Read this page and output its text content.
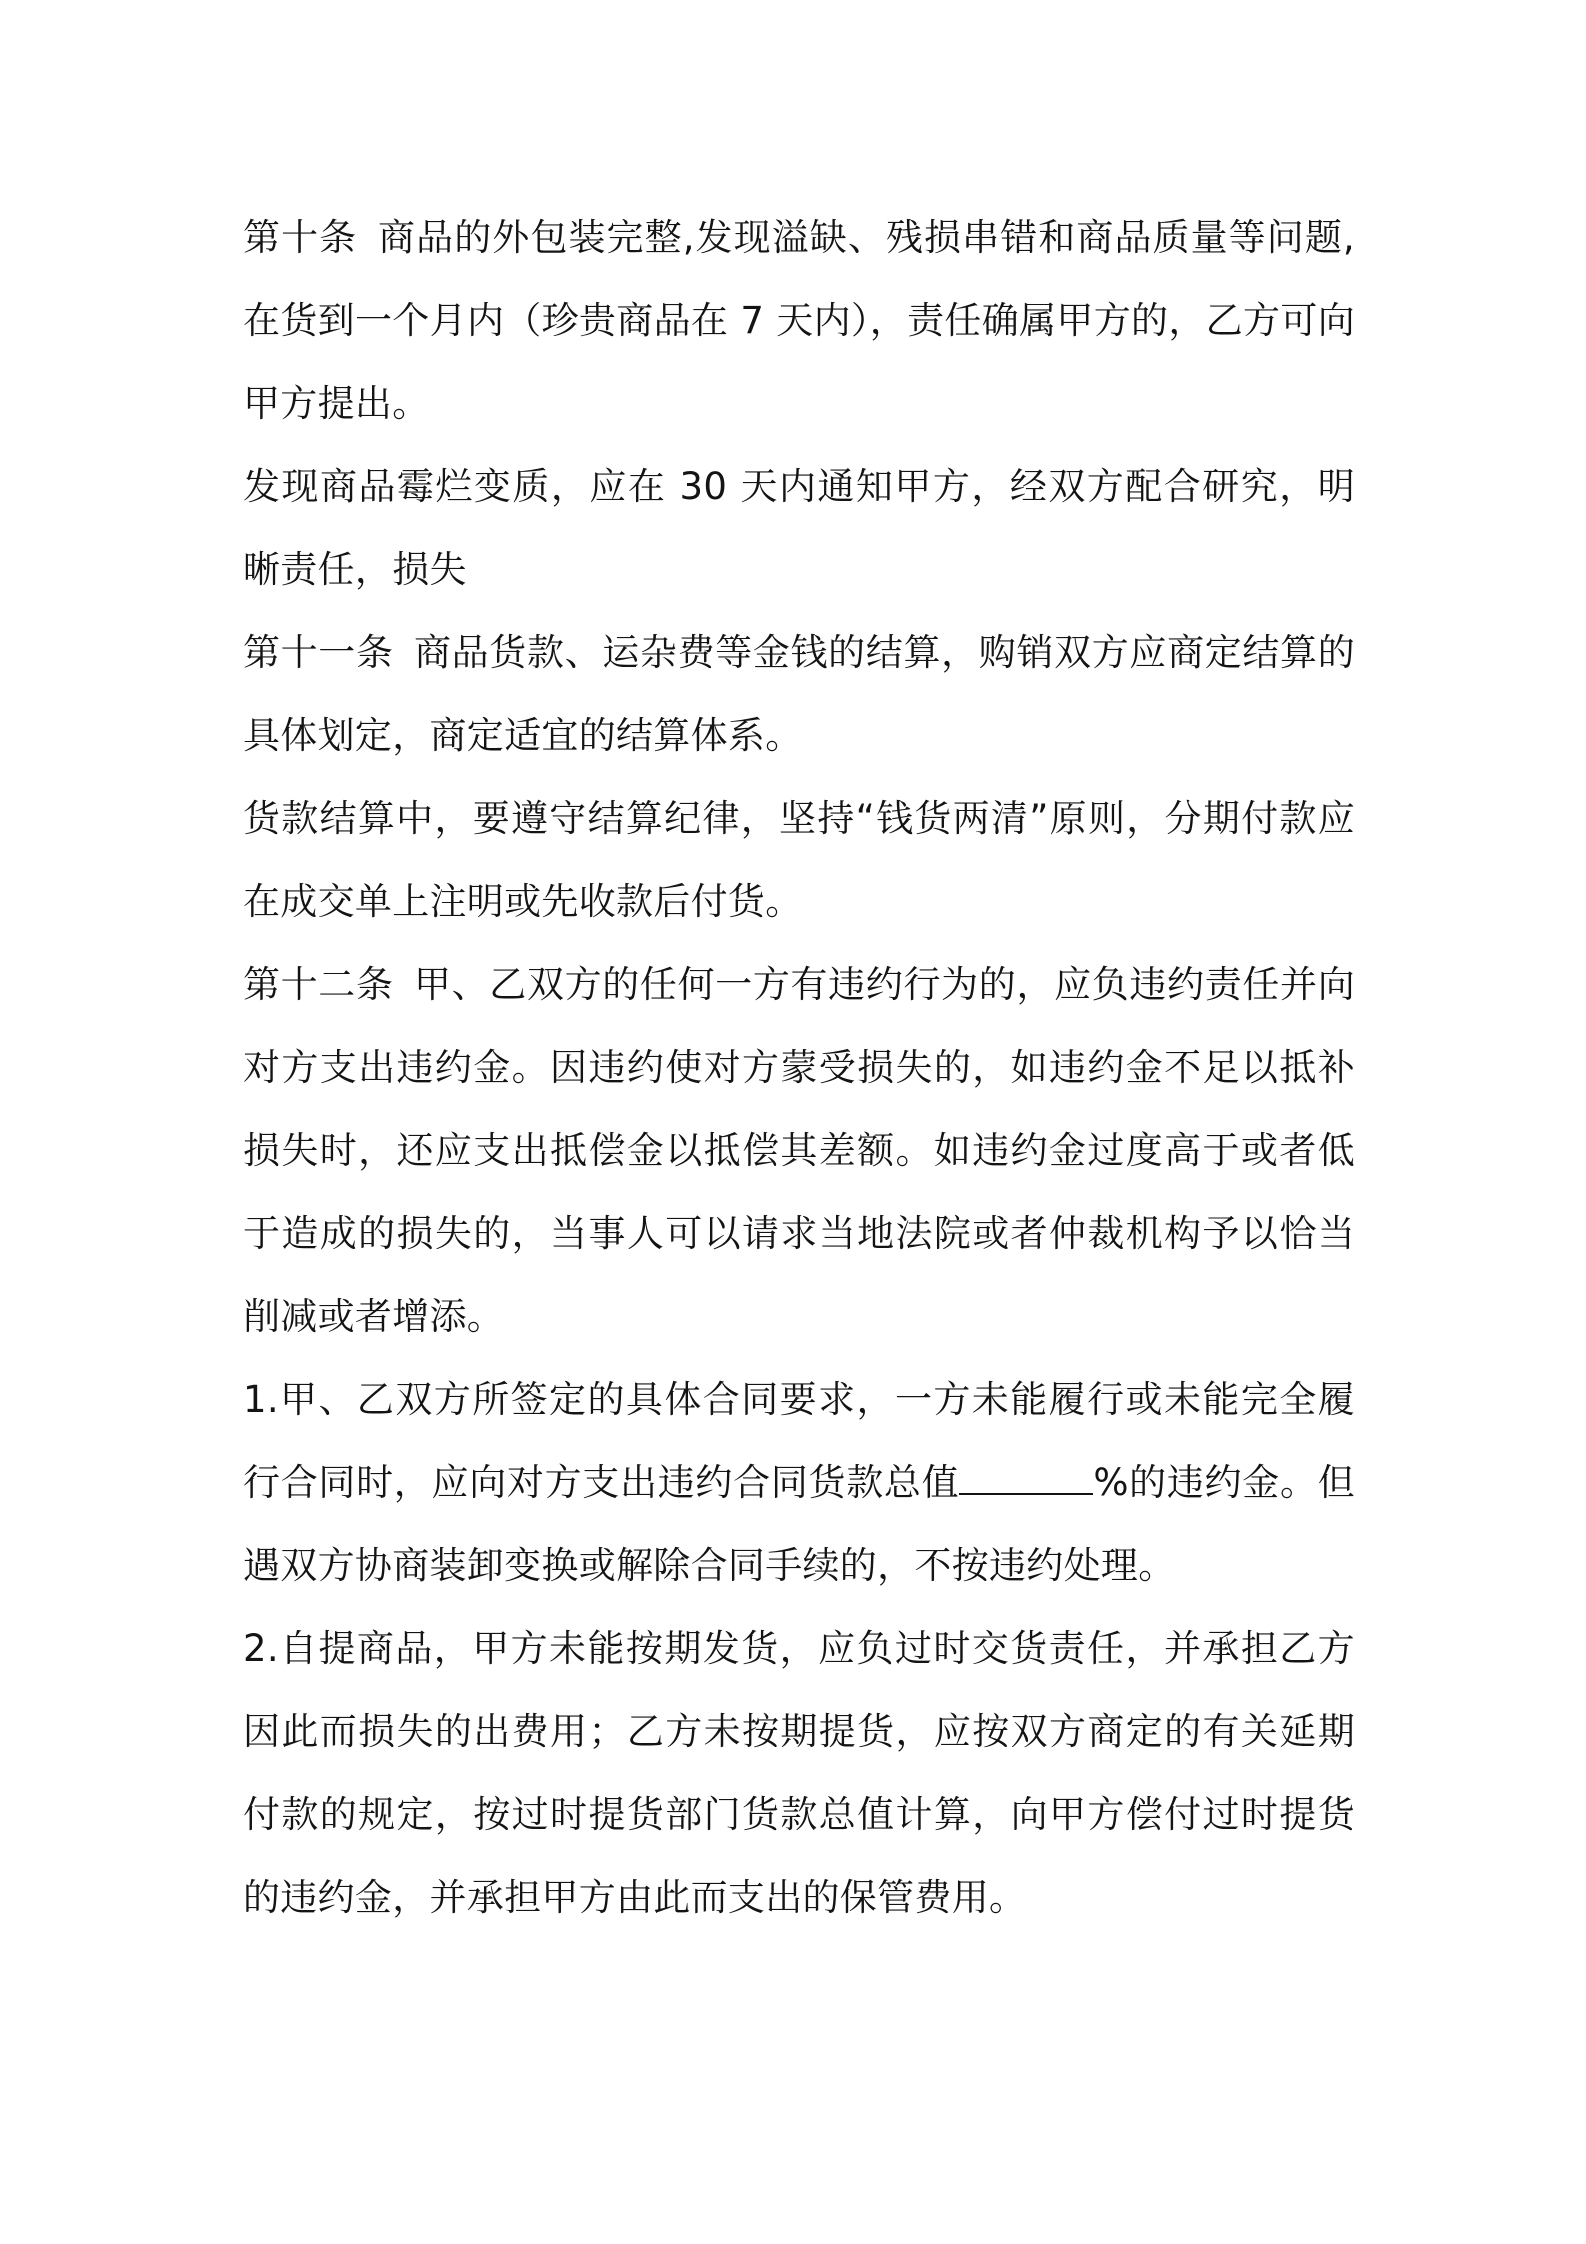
第十条 商品的外包装完整,发现溢缺、残损串错和商品质量等问题,在货到一个月内（珍贵商品在 7 天内），责任确属甲方的，乙方可向甲方提出。

发现商品霉烂变质，应在 30 天内通知甲方，经双方配合研究，明晰责任，损失

第十一条 商品货款、运杂费等金钱的结算，购销双方应商定结算的具体划定，商定适宜的结算体系。

货款结算中，要遵守结算纪律，坚持“钱货两清”原则，分期付款应在成交单上注明或先收款后付货。

第十二条 甲、乙双方的任何一方有违约行为的，应负违约责任并向对方支出违约金。因违约使对方蒙受损失的，如违约金不足以抵补损失时，还应支出抵偿金以抵偿其差额。如违约金过度高于或者低于造成的损失的，当事人可以请求当地法院或者仲裁机构予以恰当削减或者增添。

1.甲、乙双方所签定的具体合同要求，一方未能履行或未能完全履行合同时，应向对方支出违约合同货款总值	%的违约金。但遇双方协商装卸变换或解除合同手续的，不按违约处理。

2.自提商品，甲方未能按期发货，应负过时交货责任，并承担乙方因此而损失的出费用；乙方未按期提货，应按双方商定的有关延期付款的规定，按过时提货部门货款总值计算，向甲方偿付过时提货的违约金，并承担甲方由此而支出的保管费用。
